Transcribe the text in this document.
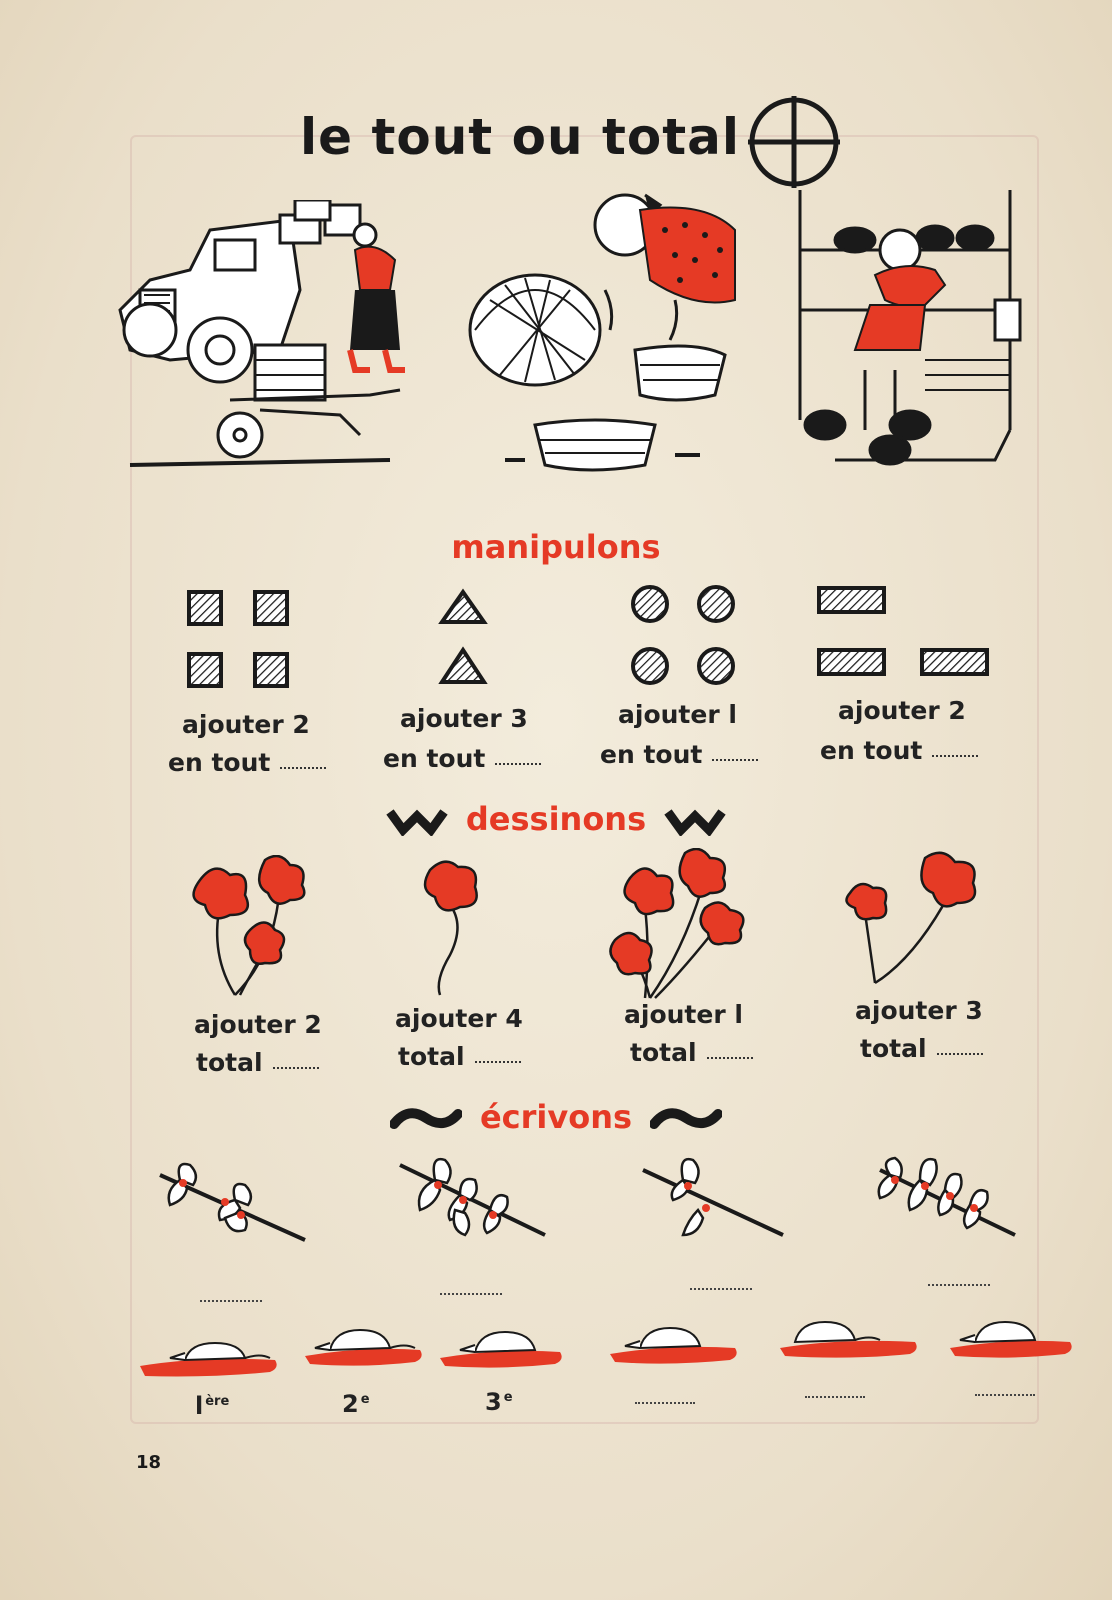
le tout ou total
manipulons
ajouter 2
en tout
ajouter 3
en tout
ajouter l
en tout
ajouter 2
en tout
dessinons
ajouter 2
total
ajouter 4
total
ajouter l
total
ajouter 3
total
écrivons
l $^{ère}$	2 $^e$	3 $^e$
18
